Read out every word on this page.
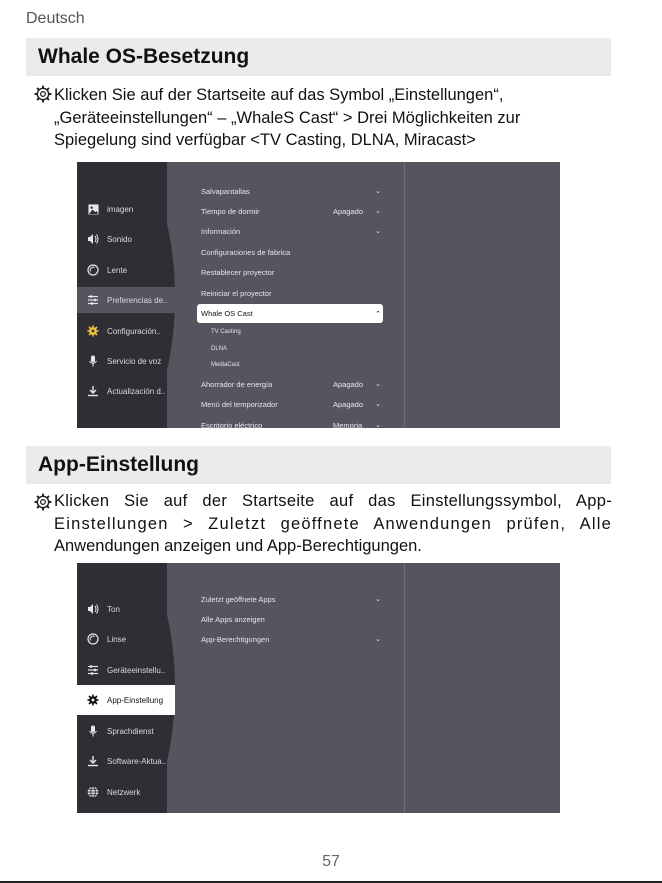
Deutsch
Whale OS-Besetzung
Klicken Sie auf der Startseite auf das Symbol „Einstellungen“,
„Geräteeinstellungen“ – „WhaleS Cast“ > Drei Möglichkeiten zur
Spiegelung sind verfügbar <TV Casting, DLNA, Miracast>
imagen
Sonido
Lente
Preferencias de..
Configuración..
Servicio de voz
Actualización d..
Salvapantallas	⌄
Tiempo de dormir	Apagado	⌄
Información	⌄
Configuraciones de fabrica
Restablecer proyector
Reiniciar el proyector
Whale OS Cast	⌃
TV Casting
DLNA
MediaCast
Ahorrador de energía	Apagado	⌄
Menú del temporizador	Apagado	⌄
Escritorio eléctrico	Memoria	⌄
App-Einstellung
Klicken Sie auf der Startseite auf das Einstellungssymbol, App-
Einstellungen > Zuletzt geöffnete Anwendungen prüfen, Alle
Anwendungen anzeigen und App-Berechtigungen.
Ton
Linse
Geräteeinstellu..
App-Einstellung
Sprachdienst
Software-Aktua..
Netzwerk
Zuletzt geöffnete Apps	⌄
Alle Apps anzeigen
App-Berechtigungen	⌄
57
